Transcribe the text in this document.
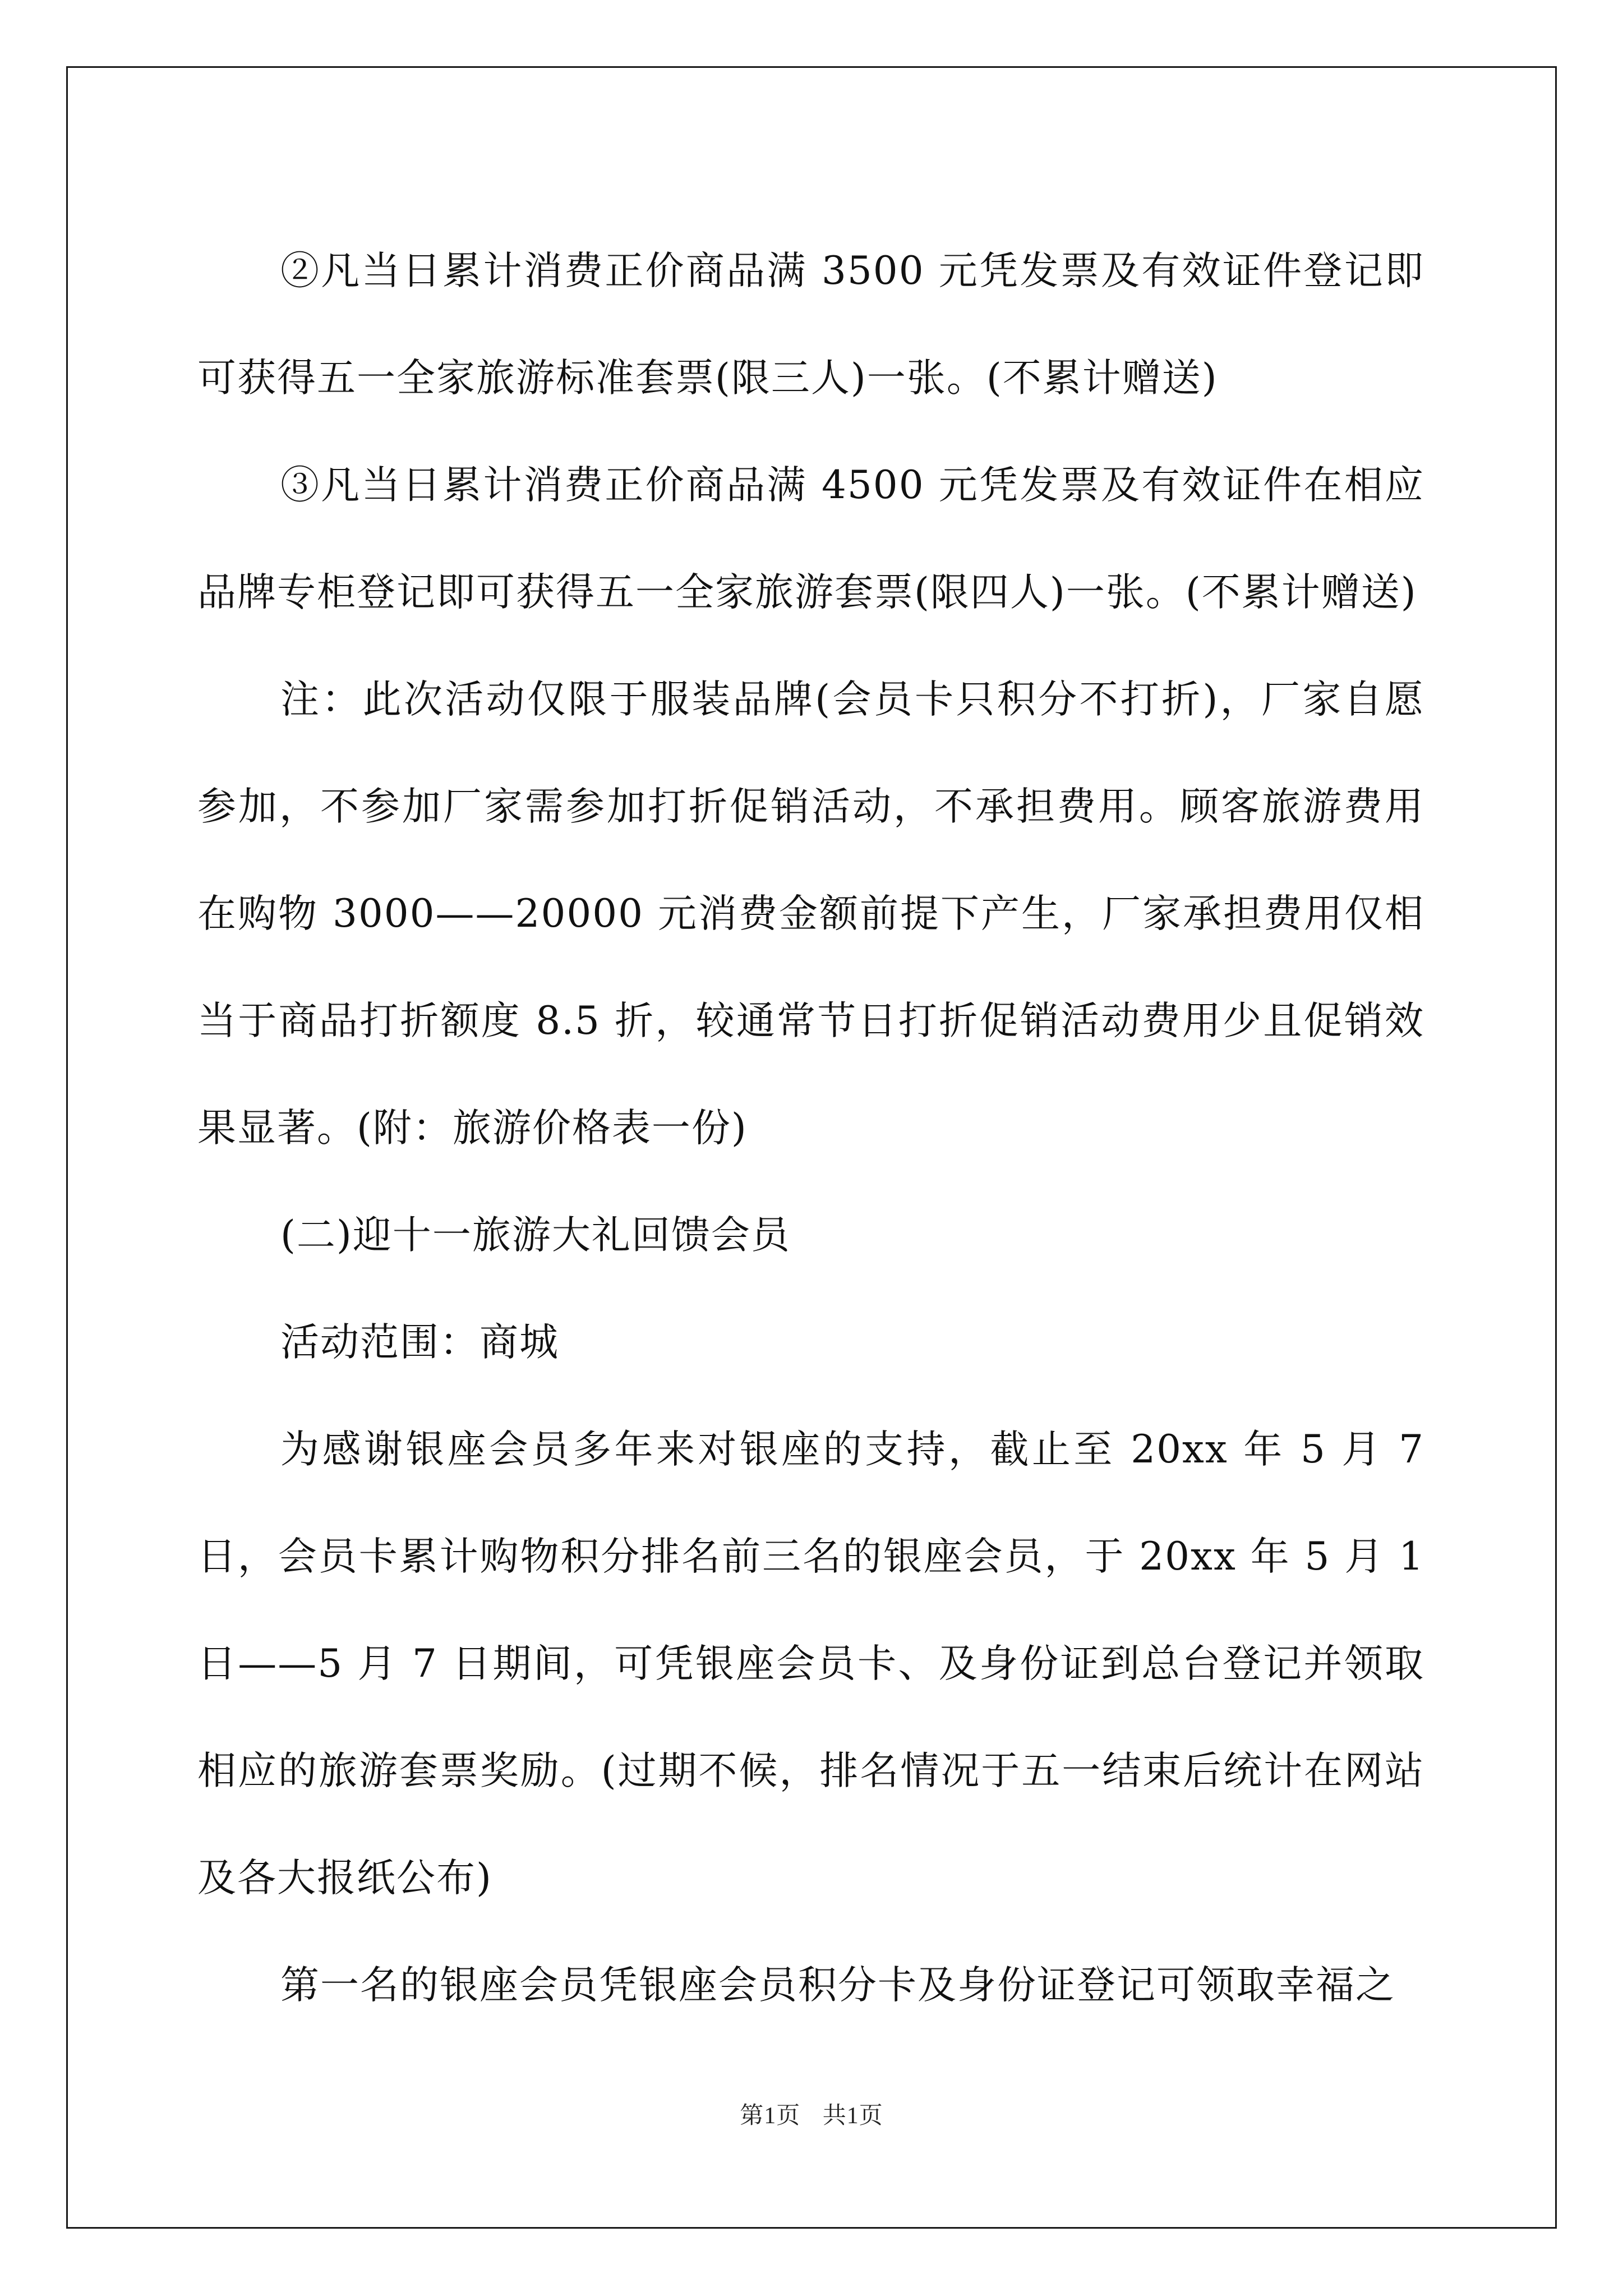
②凡当日累计消费正价商品满 3500 元凭发票及有效证件登记即可获得五一全家旅游标准套票(限三人)一张。(不累计赠送)

③凡当日累计消费正价商品满 4500 元凭发票及有效证件在相应品牌专柜登记即可获得五一全家旅游套票(限四人)一张。(不累计赠送)

注：此次活动仅限于服装品牌(会员卡只积分不打折)，厂家自愿参加，不参加厂家需参加打折促销活动，不承担费用。顾客旅游费用在购物 3000——20000 元消费金额前提下产生，厂家承担费用仅相当于商品打折额度 8.5 折，较通常节日打折促销活动费用少且促销效果显著。(附：旅游价格表一份)

(二)迎十一旅游大礼回馈会员

活动范围：商城

为感谢银座会员多年来对银座的支持，截止至 20xx 年 5 月 7 日，会员卡累计购物积分排名前三名的银座会员，于 20xx 年 5 月 1 日——5 月 7 日期间，可凭银座会员卡、及身份证到总台登记并领取相应的旅游套票奖励。(过期不候，排名情况于五一结束后统计在网站及各大报纸公布)

第一名的银座会员凭银座会员积分卡及身份证登记可领取幸福之

第1页 共1页
